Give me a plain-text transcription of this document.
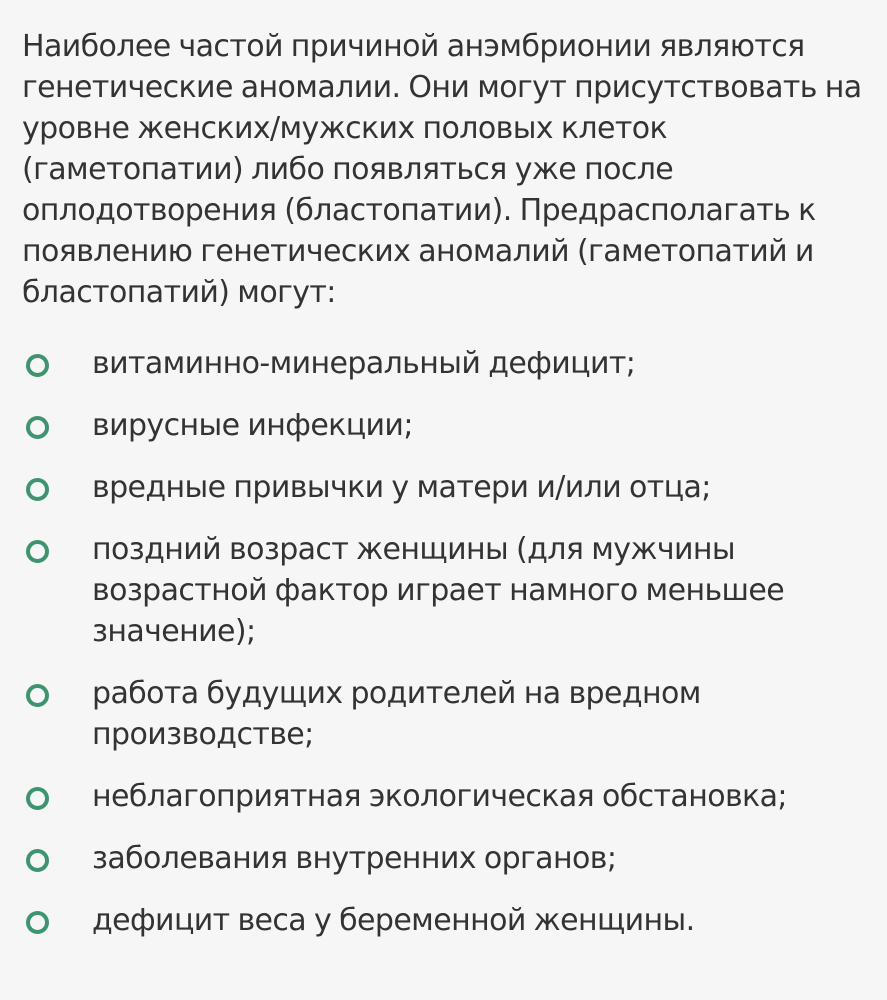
Наиболее частой причиной анэмбрионии являются генетические аномалии. Они могут присутствовать на уровне женских/мужских половых клеток (гаметопатии) либо появляться уже после оплодотворения (бластопатии). Предрасполагать к появлению генетических аномалий (гаметопатий и бластопатий) могут:

витаминно-минеральный дефицит;
вирусные инфекции;
вредные привычки у матери и/или отца;
поздний возраст женщины (для мужчины возрастной фактор играет намного меньшее значение);
работа будущих родителей на вредном производстве;
неблагоприятная экологическая обстановка;
заболевания внутренних органов;
дефицит веса у беременной женщины.
